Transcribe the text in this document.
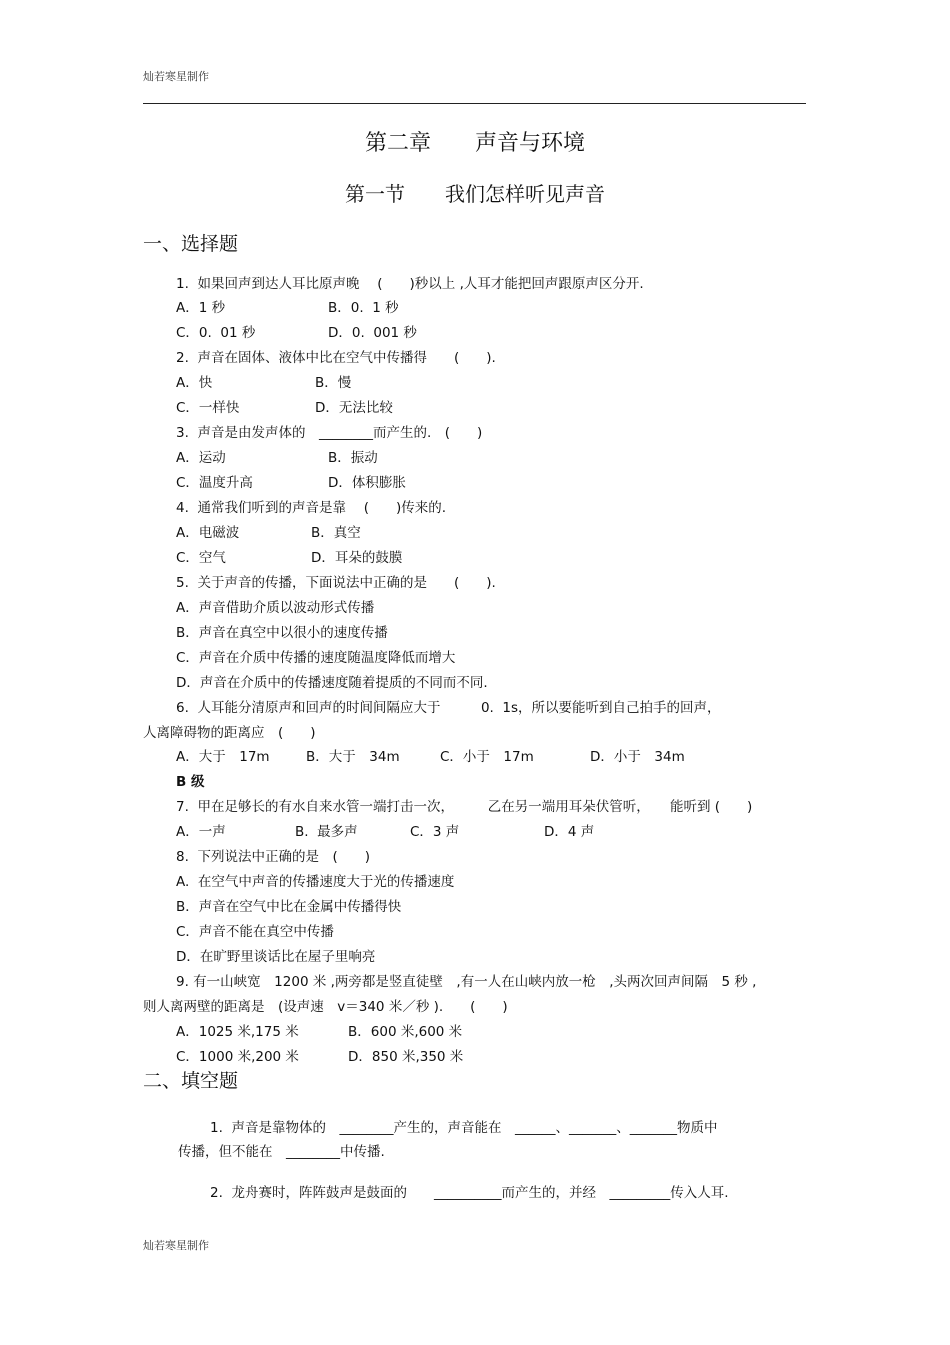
灿若寒星制作
第二章　　声音与环境
第一节　　我们怎样听见声音
一、选择题
1.  如果回声到达人耳比原声晚　 (　　)秒以上 ,人耳才能把回声跟原声区分开.
A．1 秒	B．0.  1 秒
C．0.  01 秒	D．0.  001 秒
2.  声音在固体、液体中比在空气中传播得　　(　　).
A．快	B．慢
C．一样快	D．无法比较
3.  声音是由发声体的　________而产生的.　(　　)
A．运动	B．振动
C．温度升高	D．体积膨胀
4.  通常我们听到的声音是靠　 (　　)传来的.
A．电磁波	B．真空
C．空气	D．耳朵的鼓膜
5.  关于声音的传播，下面说法中正确的是　　(　　).
A．声音借助介质以波动形式传播
B．声音在真空中以很小的速度传播
C．声音在介质中传播的速度随温度降低而增大
D．声音在介质中的传播速度随着提质的不同而不同.
6.  人耳能分清原声和回声的时间间隔应大于　　　0.  1s，所以要能听到自己拍手的回声，
人离障碍物的距离应　(　　)
A．大于　17m	B．大于　34m	C．小于　17m	D．小于　34m
B 级
7.  甲在足够长的有水自来水管一端打击一次，　　　乙在另一端用耳朵伏管听，　　能听到 (　　)
A．一声	B.  最多声	C．3 声	D．4 声
8.  下列说法中正确的是　(　　)
A.  在空气中声音的传播速度大于光的传播速度
B．声音在空气中比在金属中传播得快
C．声音不能在真空中传播
D．在旷野里谈话比在屋子里响亮
9. 有一山峡宽　1200 米 ,两旁都是竖直徒壁　,有一人在山峡内放一枪　,头两次回声间隔　5 秒 ,
则人离两壁的距离是　(设声速　v＝340 米／秒 ).　　(　　)
A．1025 米,175 米	B．600 米,600 米
C．1000 米,200 米	D．850 米,350 米
二、填空题
1.  声音是靠物体的　________产生的，声音能在　______、_______、_______物质中
传播，但不能在　________中传播.
2.  龙舟赛时，阵阵鼓声是鼓面的　　__________而产生的，并经　_________传入人耳.
灿若寒星制作
